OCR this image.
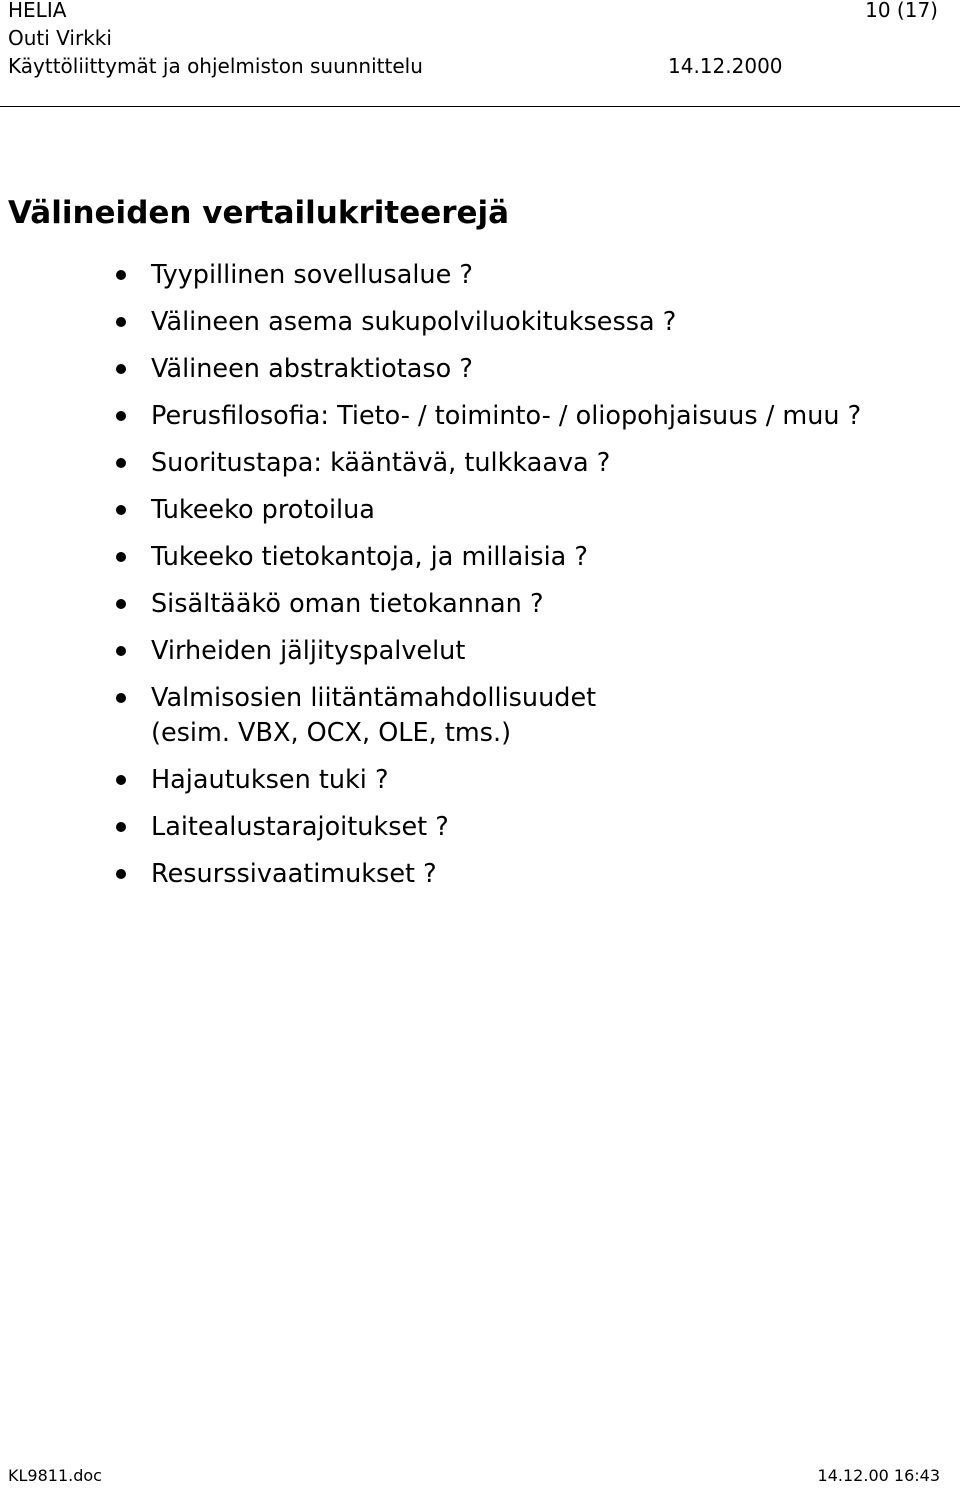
HELIA	10 (17)
Outi Virkki
Käyttöliittymät ja ohjelmiston suunnittelu	14.12.2000
Välineiden vertailukriteerejä
Tyypillinen sovellusalue ?
Välineen asema sukupolviluokituksessa ?
Välineen abstraktiotaso ?
Perusfilosofia: Tieto- / toiminto- / oliopohjaisuus / muu ?
Suoritustapa: kääntävä, tulkkaava ?
Tukeeko protoilua
Tukeeko tietokantoja, ja millaisia ?
Sisältääkö oman tietokannan ?
Virheiden jäljityspalvelut
Valmisosien liitäntämahdollisuudet
(esim. VBX, OCX, OLE, tms.)
Hajautuksen tuki ?
Laitealustarajoitukset ?
Resurssivaatimukset ?
KL9811.doc	14.12.00 16:43
